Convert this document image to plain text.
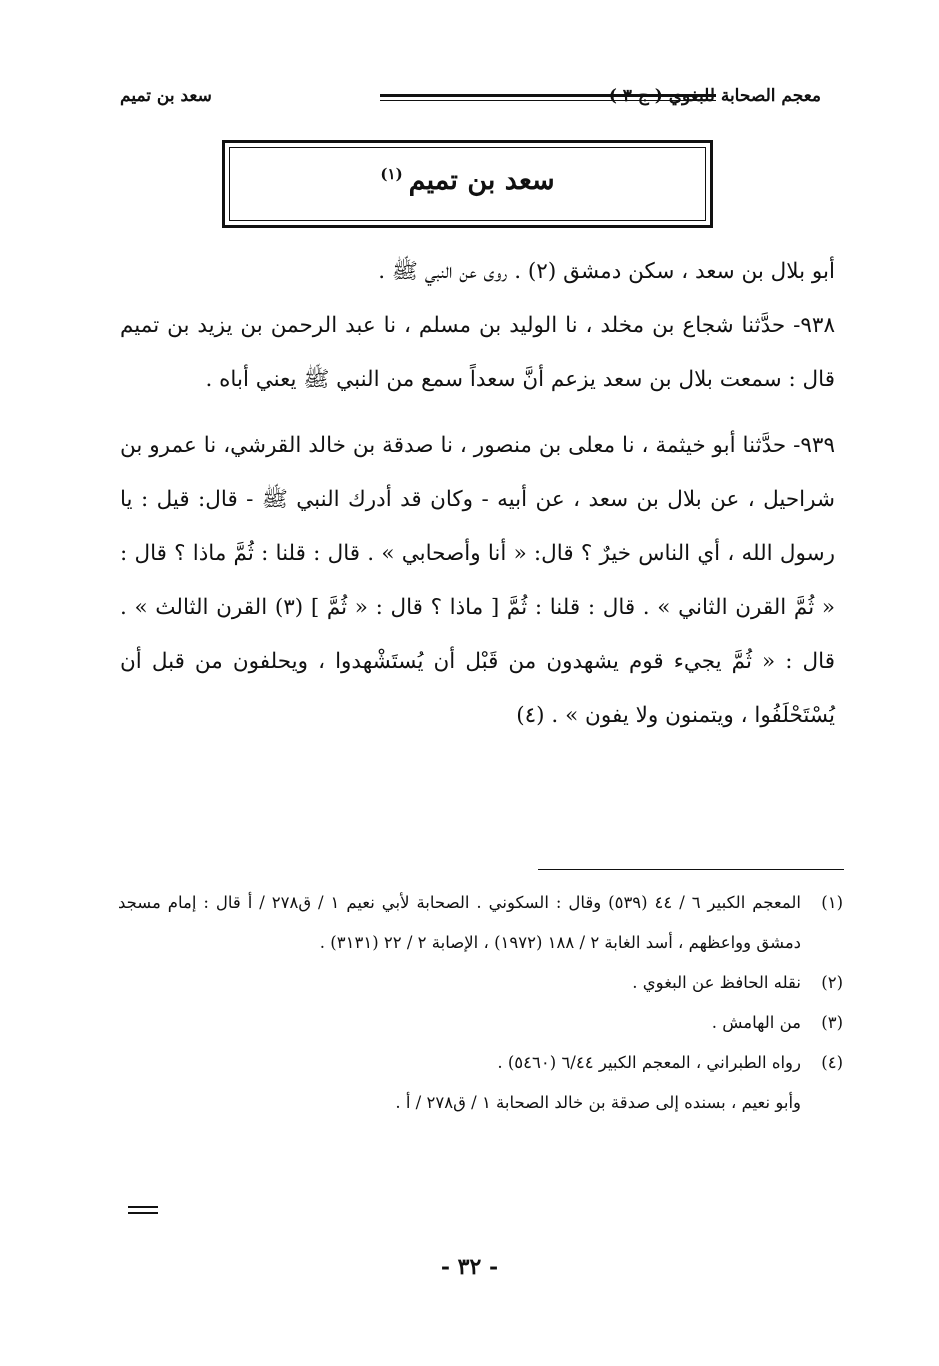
معجم الصحابة للبغوي ( ج ٣ )
سعد بن تميم
سعد بن تميم$^{(١)}$

أبو بلال بن سعد ، سكن دمشق (٢) . روى عن النبي ﷺ .

٩٣٨- حدَّثنا شجاع بن مخلد ، نا الوليد بن مسلم ، نا عبد الرحمن بن يزيد بن تميم قال : سمعت بلال بن سعد يزعم أنَّ سعداً سمع من النبي ﷺ يعني أباه .

٩٣٩- حدَّثنا أبو خيثمة ، نا معلى بن منصور ، نا صدقة بن خالد القرشي، نا عمرو بن شراحيل ، عن بلال بن سعد ، عن أبيه - وكان قد أدرك النبي ﷺ - قال: قيل : يا رسول الله ، أي الناس خيرٌ ؟ قال: « أنا وأصحابي » . قال : قلنا : ثُمَّ ماذا ؟ قال : « ثُمَّ القرن الثاني » . قال : قلنا : ثُمَّ [ ماذا ؟ قال : « ثُمَّ ] (٣) القرن الثالث » . قال : « ثُمَّ يجيء قوم يشهدون من قَبْل أن يُستَشْهدوا ، ويحلفون من قبل أن يُسْتَحْلَفُوا ، ويتمنون ولا يفون » . (٤)

(١)
المعجم الكبير ٦ / ٤٤ (٥٣٩) وقال : السكوني . الصحابة لأبي نعيم ١ / ق٢٧٨ / أ قال : إمام مسجد دمشق وواعظهم ، أسد الغابة ٢ / ١٨٨ (١٩٧٢) ، الإصابة ٢ / ٢٢ (٣١٣١) .
(٢)
نقله الحافظ عن البغوي .
(٣)
من الهامش .
(٤)
رواه الطبراني ، المعجم الكبير ٦/٤٤ (٥٤٦٠) .
وأبو نعيم ، بسنده إلى صدقة بن خالد الصحابة ١ / ق٢٧٨ / أ .
- ٣٢ -
